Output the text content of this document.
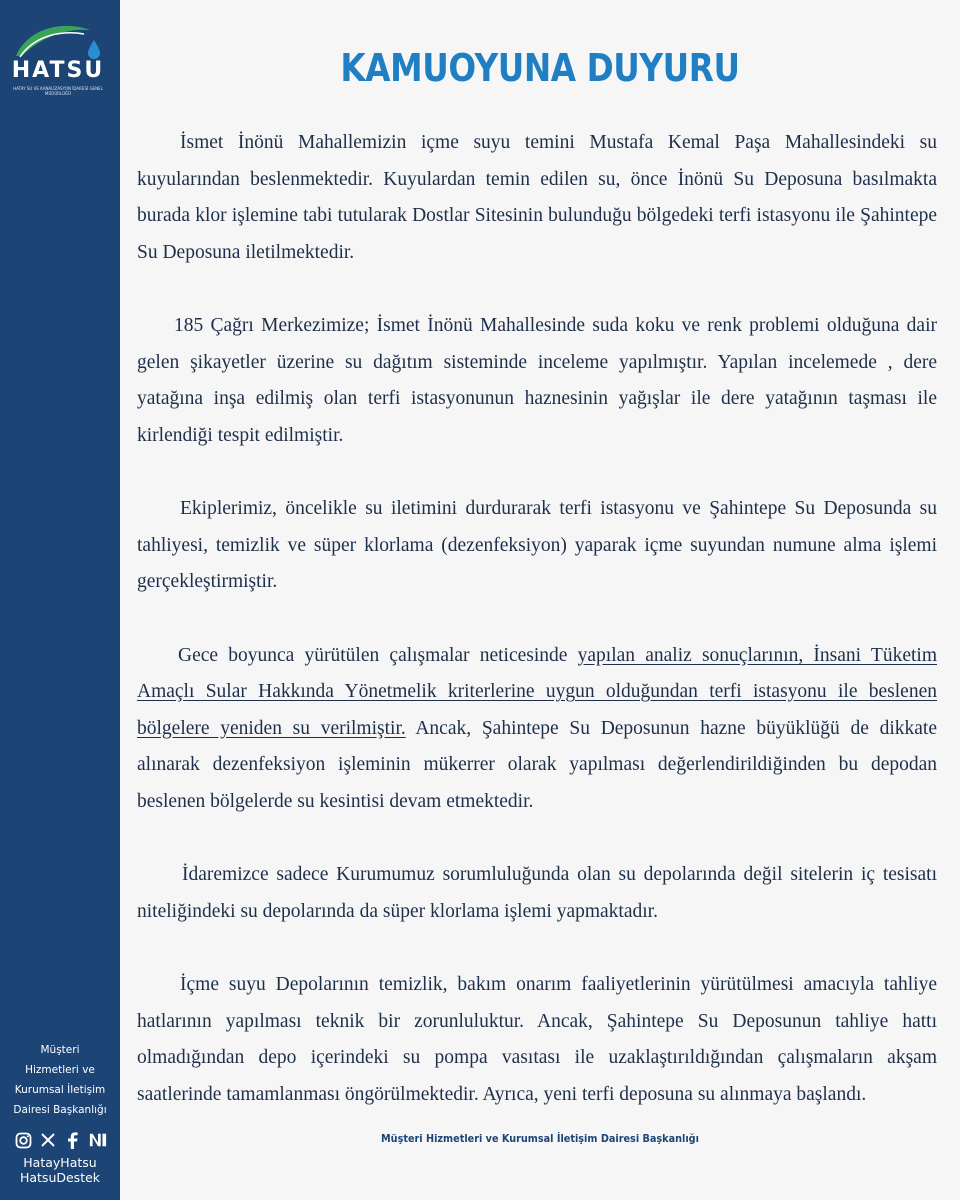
HATSU
HATAY SU VE KANALİZASYON İDARESİ GENEL MÜDÜRLÜĞÜ
Müşteri
Hizmetleri ve
Kurumsal İletişim
Dairesi Başkanlığı
HatayHatsu
HatsuDestek
KAMUOYUNA DUYURU

İsmet İnönü Mahallemizin içme suyu temini Mustafa Kemal Paşa Mahallesindeki su kuyularından beslenmektedir. Kuyulardan temin edilen su, önce İnönü Su Deposuna basılmakta burada klor işlemine tabi tutularak Dostlar Sitesinin bulunduğu bölgedeki terfi istasyonu ile Şahintepe Su Deposuna iletilmektedir.

185 Çağrı Merkezimize; İsmet İnönü Mahallesinde suda koku ve renk problemi olduğuna dair gelen şikayetler üzerine su dağıtım sisteminde inceleme yapılmıştır. Yapılan incelemede , dere yatağına inşa edilmiş olan terfi istasyonunun haznesinin yağışlar ile dere yatağının taşması ile kirlendiği tespit edilmiştir.

Ekiplerimiz, öncelikle su iletimini durdurarak terfi istasyonu ve Şahintepe Su Deposunda su tahliyesi, temizlik ve süper klorlama (dezenfeksiyon) yaparak içme suyundan numune alma işlemi gerçekleştirmiştir.

Gece boyunca yürütülen çalışmalar neticesinde yapılan analiz sonuçlarının, İnsani Tüketim Amaçlı Sular Hakkında Yönetmelik kriterlerine uygun olduğundan terfi istasyonu ile beslenen bölgelere yeniden su verilmiştir. Ancak, Şahintepe Su Deposunun hazne büyüklüğü de dikkate alınarak dezenfeksiyon işleminin mükerrer olarak yapılması değerlendirildiğinden bu depodan beslenen bölgelerde su kesintisi devam etmektedir.

İdaremizce sadece Kurumumuz sorumluluğunda olan su depolarında değil sitelerin iç tesisatı niteliğindeki su depolarında da süper klorlama işlemi yapmaktadır.

İçme suyu Depolarının temizlik, bakım onarım faaliyetlerinin yürütülmesi amacıyla tahliye hatlarının yapılması teknik bir zorunluluktur. Ancak, Şahintepe Su Deposunun tahliye hattı olmadığından depo içerindeki su pompa vasıtası ile uzaklaştırıldığından çalışmaların akşam saatlerinde tamamlanması öngörülmektedir. Ayrıca, yeni terfi deposuna su alınmaya başlandı.

Müşteri Hizmetleri ve Kurumsal İletişim Dairesi Başkanlığı
